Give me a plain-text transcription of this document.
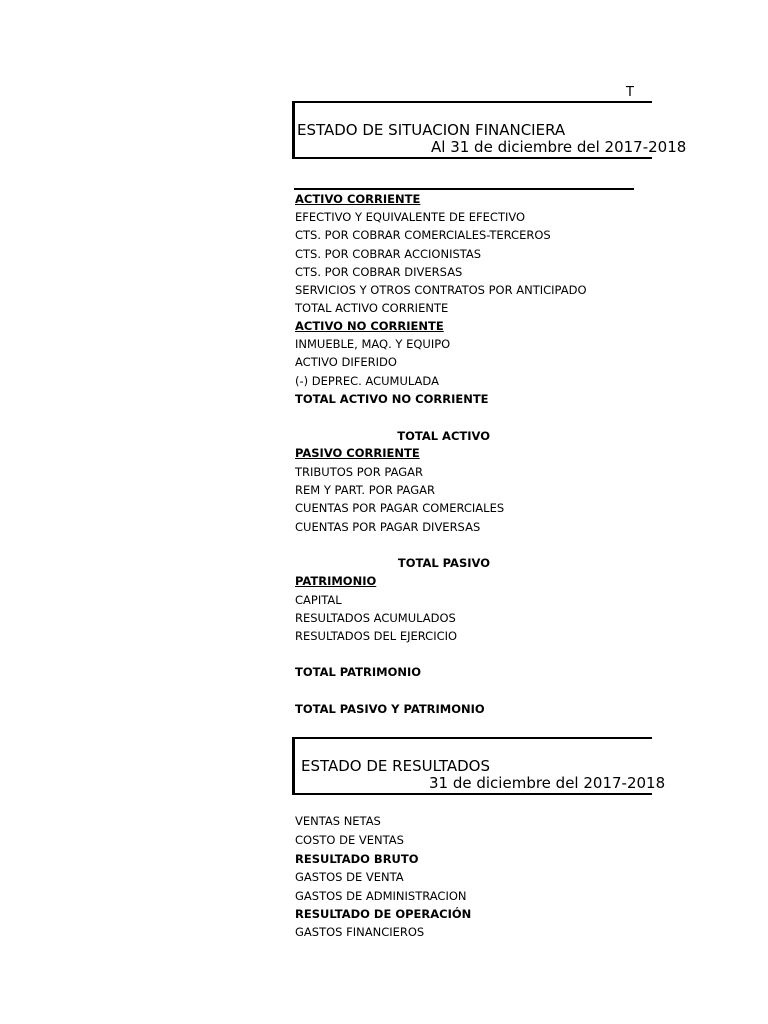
T
ESTADO DE SITUACION FINANCIERA
Al 31 de diciembre del 2017-2018
ACTIVO CORRIENTE
EFECTIVO Y EQUIVALENTE DE EFECTIVO
CTS. POR COBRAR COMERCIALES-TERCEROS
CTS. POR COBRAR ACCIONISTAS
CTS. POR COBRAR DIVERSAS
SERVICIOS Y OTROS CONTRATOS POR ANTICIPADO
TOTAL ACTIVO CORRIENTE
ACTIVO NO CORRIENTE
INMUEBLE, MAQ. Y EQUIPO
ACTIVO DIFERIDO
(-) DEPREC. ACUMULADA
TOTAL ACTIVO NO CORRIENTE
TOTAL ACTIVO
PASIVO CORRIENTE
TRIBUTOS POR PAGAR
REM Y PART. POR PAGAR
CUENTAS POR PAGAR COMERCIALES
CUENTAS POR PAGAR DIVERSAS
TOTAL PASIVO
PATRIMONIO
CAPITAL
RESULTADOS ACUMULADOS
RESULTADOS DEL EJERCICIO
TOTAL PATRIMONIO
TOTAL PASIVO Y PATRIMONIO
ESTADO DE RESULTADOS
31 de diciembre del 2017-2018
VENTAS NETAS
COSTO DE VENTAS
RESULTADO BRUTO
GASTOS DE VENTA
GASTOS DE ADMINISTRACION
RESULTADO DE OPERACIÓN
GASTOS FINANCIEROS
